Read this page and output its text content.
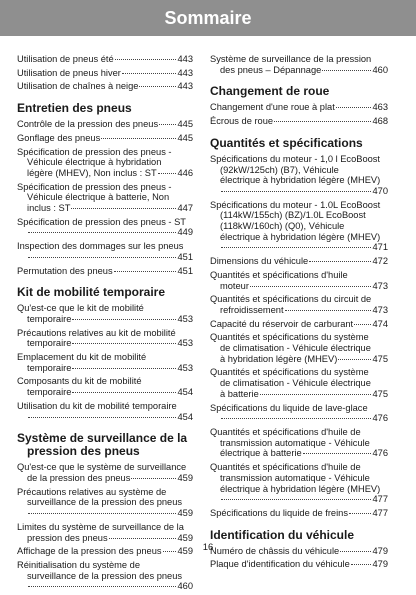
Sommaire
Utilisation de pneus été	443
Utilisation de pneus hiver	443
Utilisation de chaînes à neige	443
Entretien des pneus
Contrôle de la pression des pneus 445
Gonflage des pneus	445
Spécification de pression des pneus -
Véhicule électrique à hybridation
légère (MHEV), Non inclus : ST 446
Spécification de pression des pneus -
Véhicule électrique à batterie, Non
inclus : ST	447
Spécification de pression des pneus - ST
449
Inspection des dommages sur les pneus
451
Permutation des pneus	451
Kit de mobilité temporaire
Qu'est-ce que le kit de mobilité
temporaire	453
Précautions relatives au kit de mobilité
temporaire	453
Emplacement du kit de mobilité
temporaire	453
Composants du kit de mobilité
temporaire	454
Utilisation du kit de mobilité temporaire
454
Système de surveillance de la
pression des pneus
Qu'est-ce que le système de surveillance
de la pression des pneus	459
Précautions relatives au système de
surveillance de la pression des pneus
459
Limites du système de surveillance de la
pression des pneus	459
Affichage de la pression des pneus 459
Réinitialisation du système de
surveillance de la pression des pneus
460
Système de surveillance de la pression
des pneus – Dépannage	460
Changement de roue
Changement d'une roue à plat	463
Écrous de roue	468
Quantités et spécifications
Spécifications du moteur - 1,0 l EcoBoost
(92kW/125ch) (B7), Véhicule
électrique à hybridation légère (MHEV)
470
Spécifications du moteur - 1.0L EcoBoost
(114kW/155ch) (BZ)/1.0L EcoBoost
(118kW/160ch) (Q0), Véhicule
électrique à hybridation légère (MHEV)
471
Dimensions du véhicule	472
Quantités et spécifications d'huile
moteur	473
Quantités et spécifications du circuit de
refroidissement	473
Capacité du réservoir de carburant 474
Quantités et spécifications du système
de climatisation - Véhicule électrique
à hybridation légère (MHEV)	475
Quantités et spécifications du système
de climatisation - Véhicule électrique
à batterie	475
Spécifications du liquide de lave-glace
476
Quantités et spécifications d'huile de
transmission automatique - Véhicule
électrique à batterie	476
Quantités et spécifications d'huile de
transmission automatique - Véhicule
électrique à hybridation légère (MHEV)
477
Spécifications du liquide de freins	477
Identification du véhicule
Numéro de châssis du véhicule	479
Plaque d'identification du véhicule 479
16
